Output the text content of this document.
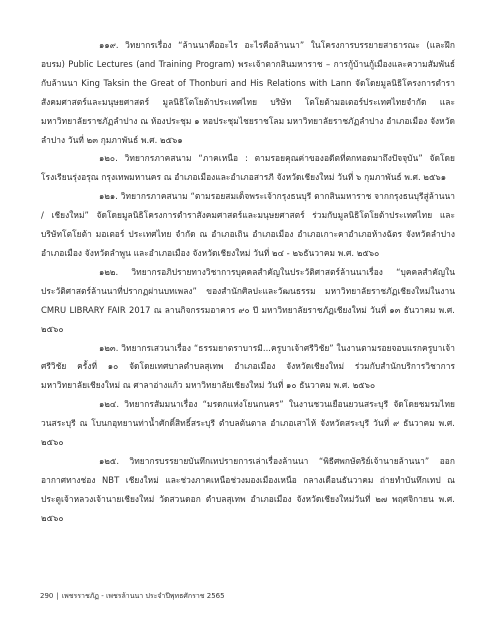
๑๑๙. วิทยากรเรื่อง “ล้านนาคืออะไร อะไรคือล้านนา” ในโครงการบรรยายสาธารณะ (และฝึกอบรม) Public Lectures (and Training Program) พระเจ้าตากสินมหาราช – การกู้บ้านกู้เมืองและความสัมพันธ์กับล้านนา King Taksin the Great of Thonburi and His Relations with Lann จัดโดยมูลนิธิโครงการตำราสังคมศาสตร์และมนุษยศาสตร์ มูลนิธิโตโยต้าประเทศไทย บริษัท โตโยต้ามอเตอร์ประเทศไทยจำกัด และมหาวิทยาลัยราชภัฏลำปาง ณ ห้องประชุม ๑ หอประชุมไชยราชโลม มหาวิทยาลัยราชภัฏลำปาง อำเภอเมือง จังหวัดลำปาง วันที่ ๒๓ กุมภาพันธ์ พ.ศ. ๒๕๖๑

๑๒๐. วิทยากรภาคสนาม “ภาคเหนือ : ตามรอยคุณค่าของอดีตที่ตกทอดมาถึงปัจจุบัน” จัดโดยโรงเรียนรุ่งอรุณ กรุงเทพมหานคร ณ อำเภอเมืองและอำเภอสารภี จังหวัดเชียงใหม่ วันที่ ๖ กุมภาพันธ์ พ.ศ. ๒๕๖๑

๑๒๑. วิทยากรภาคสนาม “ตามรอยสมเด็จพระเจ้ากรุงธนบุรี ตากสินมหาราช จากกรุงธนบุรีสู่ล้านนา / เชียงใหม่” จัดโดยมูลนิธิโครงการตำราสังคมศาสตร์และมนุษยศาสตร์ ร่วมกับมูลนิธิโตโยต้าประเทศไทย และบริษัทโตโยต้า มอเตอร์ ประเทศไทย จำกัด ณ อำเภอเถิน อำเภอเมือง อำเภอเกาะคาอำเภอห้างฉัตร จังหวัดลำปาง อำเภอเมือง จังหวัดลำพูน และอำเภอเมือง จังหวัดเชียงใหม่ วันที่ ๒๔ - ๒๖ธันวาคม พ.ศ. ๒๕๖๐

๑๒๒. วิทยากรอภิปรายทางวิชาการบุคคลสำคัญในประวัติศาสตร์ล้านนาเรื่อง “บุคคลสำคัญในประวัติศาสตร์ล้านนาที่ปรากฏผ่านบทเพลง” ของสำนักศิลปะและวัฒนธรรม มหาวิทยาลัยราชภัฏเชียงใหม่ในงาน CMRU LIBRARY FAIR 2017 ณ ลานกิจกรรมอาคาร ๙๐ ปี มหาวิทยาลัยราชภัฏเชียงใหม่ วันที่ ๑๓ ธันวาคม พ.ศ. ๒๕๖๐

๑๒๓. วิทยากรเสวนาเรื่อง “ธรรมยาตราบารมี...ครูบาเจ้าศรีวิชัย” ในงานตามรอยจอบแรกครูบาเจ้าศรีวิชัย ครั้งที่ ๑๐ จัดโดยเทศบาลตำบลสุเทพ อำเภอเมือง จังหวัดเชียงใหม่ ร่วมกับสำนักบริการวิชาการ มหาวิทยาลัยเชียงใหม่ ณ ศาลาอ่างแก้ว มหาวิทยาลัยเชียงใหม่ วันที่ ๑๐ ธันวาคม พ.ศ. ๒๕๖๐

๑๒๔. วิทยากรสัมมนาเรื่อง “มรดกแห่งโยนกนคร” ในงานชวนเยือนยวนสระบุรี จัดโดยชมรมไทยวนสระบุรี ณ โบนกอุทยานท่าน้ำศักดิ์สิทธิ์สระบุรี ตำบลต้นตาล อำเภอเสาไห้ จังหวัดสระบุรี วันที่ ๙ ธันวาคม พ.ศ. ๒๕๖๐

๑๒๕. วิทยากรบรรยายบันทึกเทปรายการเล่าเรื่องล้านนา “พิธีศพกษัตริย์เจ้านายล้านนา” ออกอากาศทางช่อง NBT เชียงใหม่ และช่วงภาคเหนือช่วงมองเมืองเหนือ กลางเดือนธันวาคม ถ่ายทำบันทึกเทป ณ ประตูเจ้าหลวงเจ้านายเชียงใหม่ วัดสวนดอก ตำบลสุเทพ อำเภอเมือง จังหวัดเชียงใหม่วันที่ ๒๗ พฤศจิกายน พ.ศ. ๒๕๖๐

290 | เพชรราชภัฏ - เพชรล้านนา ประจำปีพุทธศักราช 2565
